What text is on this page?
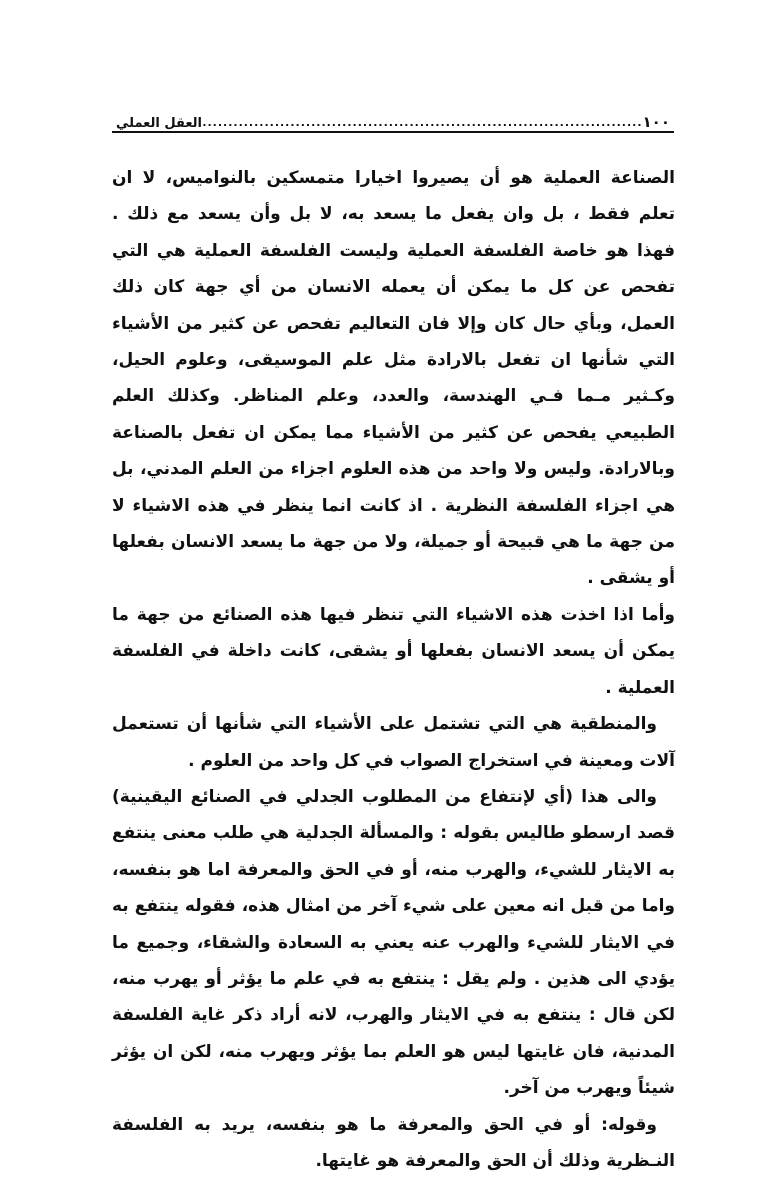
١٠٠
.....
العقل العملي

الصناعة العملية هو أن يصيروا اخيارا متمسكين بالنواميس، لا ان تعلم فقط ، بل وان يفعل ما يسعد به، لا بل وأن يسعد مع ذلك . فهذا هو خاصة الفلسفة العملية وليست الفلسفة العملية هي التي تفحص عن كل ما يمكن أن يعمله الانسان من أي جهة كان ذلك العمل، وبأي حال كان وإلا فان التعاليم تفحص عن كثير من الأشياء التي شأنها ان تفعل بالارادة مثل علم الموسيقى، وعلوم الحيل، وكـثير مـما فـي الهندسة، والعدد، وعلم المناظر. وكذلك العلم الطبيعي يفحص عن كثير من الأشياء مما يمكن ان تفعل بالصناعة وبالارادة. وليس ولا واحد من هذه العلوم اجزاء من العلم المدني، بل هي اجزاء الفلسفة النظرية . اذ كانت انما ينظر في هذه الاشياء لا من جهة ما هي قبيحة أو جميلة، ولا من جهة ما يسعد الانسان بفعلها أو يشقى .

وأما اذا اخذت هذه الاشياء التي تنظر فيها هذه الصنائع من جهة ما يمكن أن يسعد الانسان بفعلها أو يشقى، كانت داخلة في الفلسفة العملية .

والمنطقية هي التي تشتمل على الأشياء التي شأنها أن تستعمل آلات ومعينة في استخراج الصواب في كل واحد من العلوم .

والى هذا (أي لإنتفاع من المطلوب الجدلي في الصنائع اليقينية) قصد ارسطو طاليس بقوله : والمسألة الجدلية هي طلب معنى ينتفع به الايثار للشيء، والهرب منه، أو في الحق والمعرفة اما هو بنفسه، واما من قبل انه معين على شيء آخر من امثال هذه، فقوله ينتفع به في الايثار للشيء والهرب عنه يعني به السعادة والشقاء، وجميع ما يؤدي الى هذين . ولم يقل : ينتفع به في علم ما يؤثر أو يهرب منه، لكن قال : ينتفع به في الايثار والهرب، لانه أراد ذكر غاية الفلسفة المدنية، فان غايتها ليس هو العلم بما يؤثر ويهرب منه، لكن ان يؤثر شيئاً ويهرب من آخر.

وقوله: أو في الحق والمعرفة ما هو بنفسه، يريد به الفلسفة النـظرية وذلك أن الحق والمعرفة هو غايتها.
